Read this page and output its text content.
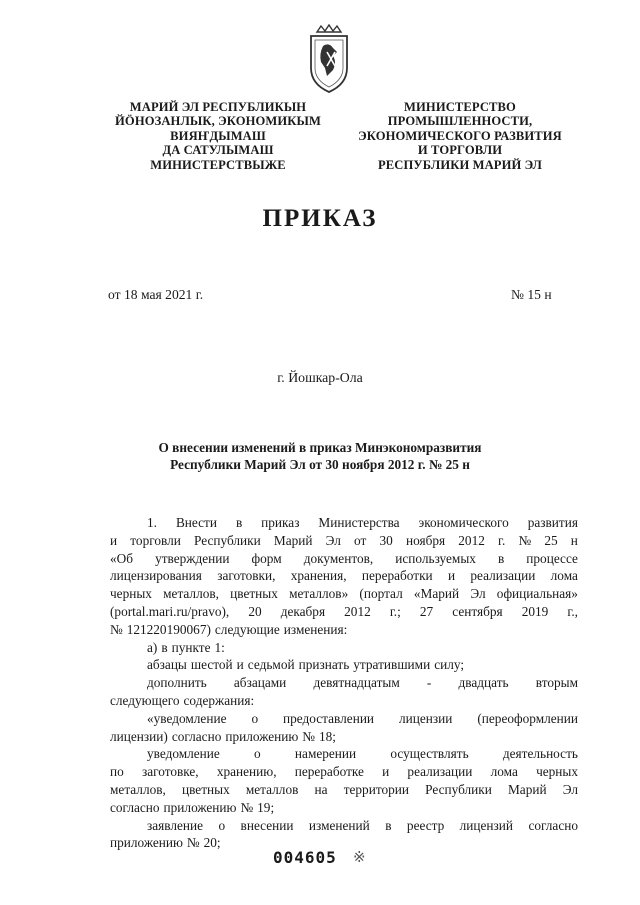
МАРИЙ ЭЛ РЕСПУБЛИКЫН
ЙÖНОЗАНЛЫК, ЭКОНОМИКЫМ
ВИЯҤДЫМАШ
ДА САТУЛЫМАШ
МИНИСТЕРСТВЫЖЕ
МИНИСТЕРСТВО
ПРОМЫШЛЕННОСТИ,
ЭКОНОМИЧЕСКОГО РАЗВИТИЯ
И ТОРГОВЛИ
РЕСПУБЛИКИ МАРИЙ ЭЛ
ПРИКАЗ
от 18 мая 2021 г.	№ 15 н
г. Йошкар-Ола
О внесении изменений в приказ Минэкономразвития
Республики Марий Эл от 30 ноября 2012 г. № 25 н
1. Внести в приказ Министерства экономического развития
и торговли Республики Марий Эл от 30 ноября 2012 г. № 25 н
«Об утверждении форм документов, используемых в процессе
лицензирования заготовки, хранения, переработки и реализации лома
черных металлов, цветных металлов» (портал «Марий Эл официальная»
(portal.mari.ru/pravo), 20 декабря 2012 г.; 27 сентября 2019 г.,
№ 121220190067) следующие изменения:
а) в пункте 1:
абзацы шестой и седьмой признать утратившими силу;
дополнить абзацами девятнадцатым - двадцать вторым
следующего содержания:
«уведомление о предоставлении лицензии (переоформлении
лицензии) согласно приложению № 18;
уведомление	о	намерении	осуществлять	деятельность
по заготовке, хранению, переработке и реализации лома черных
металлов, цветных металлов на территории Республики Марий Эл
согласно приложению № 19;
заявление о внесении изменений в реестр лицензий согласно
приложению № 20;
004605 ※
